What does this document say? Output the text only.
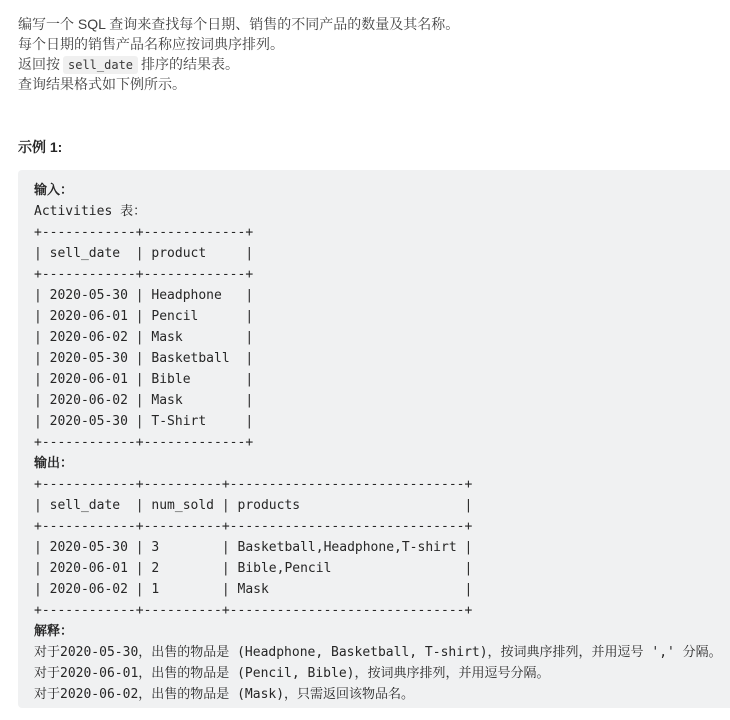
编写一个 SQL 查询来查找每个日期、销售的不同产品的数量及其名称。

每个日期的销售产品名称应按词典序排列。

返回按 sell_date 排序的结果表。

查询结果格式如下例所示。

示例 1:
输入：
Activities 表：
+------------+-------------+
| sell_date  | product     |
+------------+-------------+
| 2020-05-30 | Headphone   |
| 2020-06-01 | Pencil      |
| 2020-06-02 | Mask        |
| 2020-05-30 | Basketball  |
| 2020-06-01 | Bible       |
| 2020-06-02 | Mask        |
| 2020-05-30 | T-Shirt     |
+------------+-------------+
输出：
+------------+----------+------------------------------+
| sell_date  | num_sold | products                     |
+------------+----------+------------------------------+
| 2020-05-30 | 3        | Basketball,Headphone,T-shirt |
| 2020-06-01 | 2        | Bible,Pencil                 |
| 2020-06-02 | 1        | Mask                         |
+------------+----------+------------------------------+
解释：
对于2020-05-30，出售的物品是 (Headphone, Basketball, T-shirt)，按词典序排列，并用逗号 ',' 分隔。
对于2020-06-01，出售的物品是 (Pencil, Bible)，按词典序排列，并用逗号分隔。
对于2020-06-02，出售的物品是 (Mask)，只需返回该物品名。
